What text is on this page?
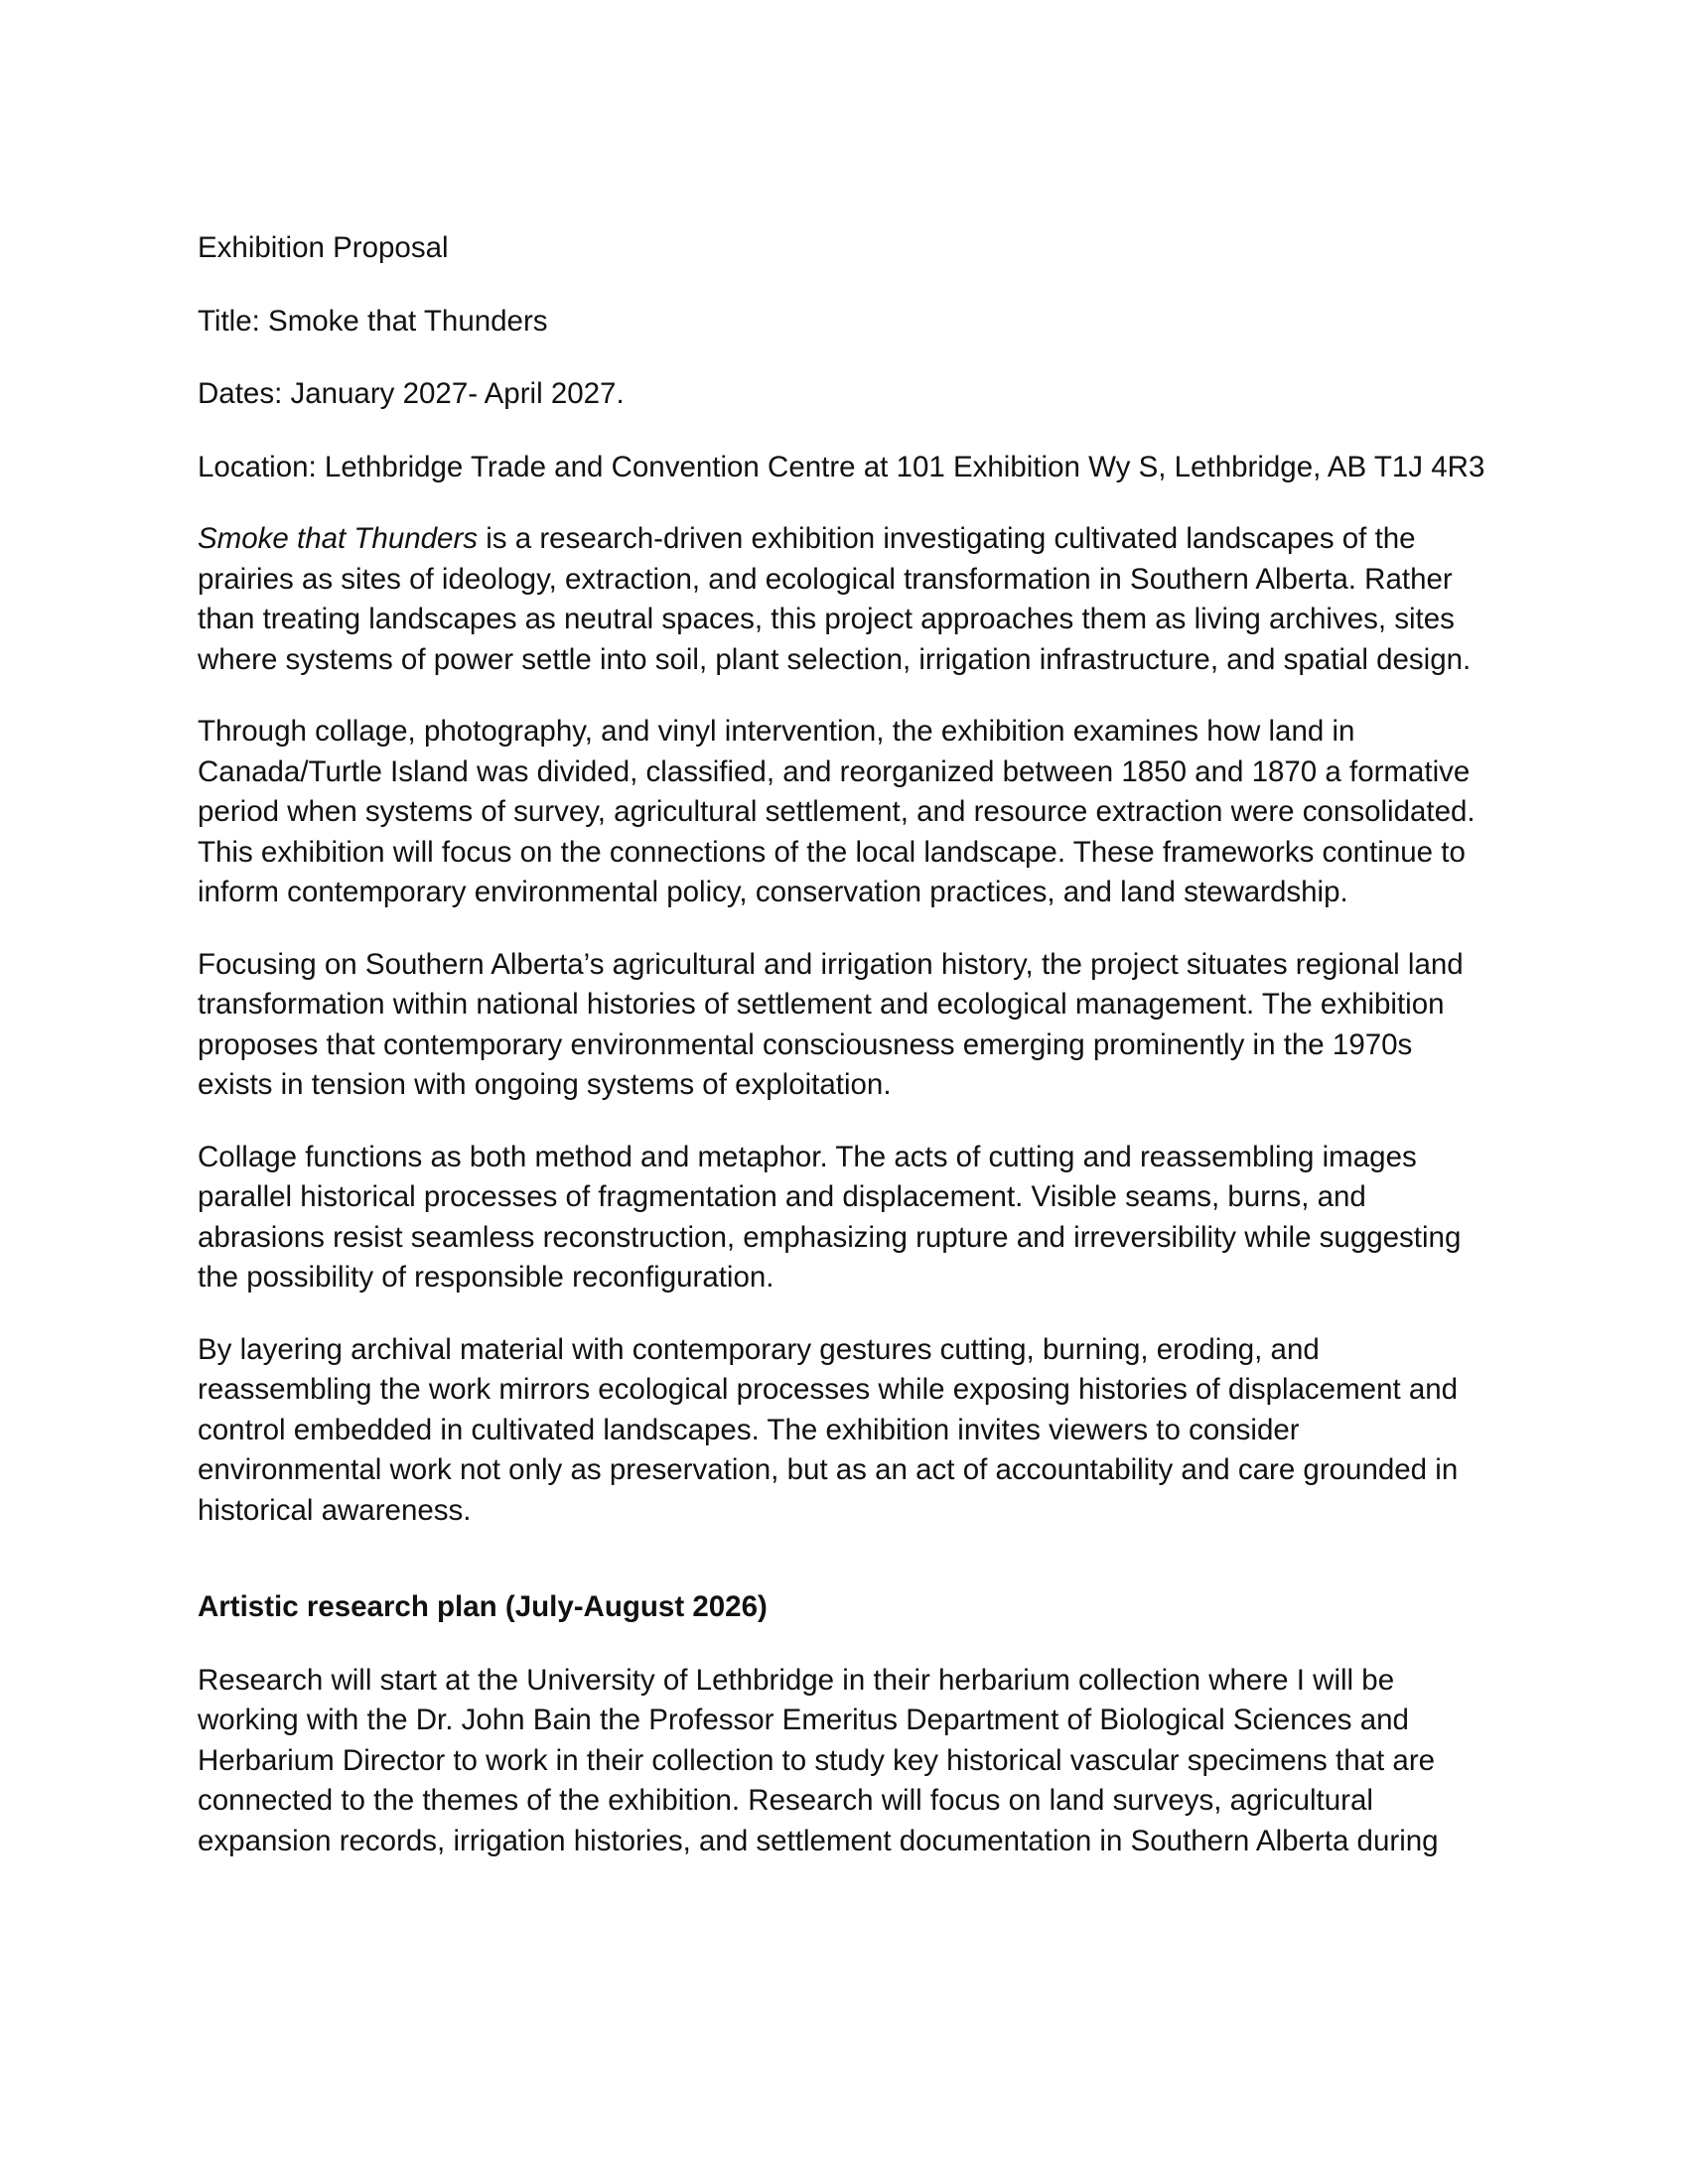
Exhibition Proposal

Title: Smoke that Thunders

Dates: January 2027- April 2027.

Location: Lethbridge Trade and Convention Centre at 101 Exhibition Wy S, Lethbridge, AB T1J 4R3

Smoke that Thunders is a research-driven exhibition investigating cultivated landscapes of the prairies as sites of ideology, extraction, and ecological transformation in Southern Alberta. Rather than treating landscapes as neutral spaces, this project approaches them as living archives, sites where systems of power settle into soil, plant selection, irrigation infrastructure, and spatial design.

Through collage, photography, and vinyl intervention, the exhibition examines how land in Canada/Turtle Island was divided, classified, and reorganized between 1850 and 1870 a formative period when systems of survey, agricultural settlement, and resource extraction were consolidated. This exhibition will focus on the connections of the local landscape. These frameworks continue to inform contemporary environmental policy, conservation practices, and land stewardship.

Focusing on Southern Alberta’s agricultural and irrigation history, the project situates regional land transformation within national histories of settlement and ecological management. The exhibition proposes that contemporary environmental consciousness emerging prominently in the 1970s exists in tension with ongoing systems of exploitation.

Collage functions as both method and metaphor. The acts of cutting and reassembling images parallel historical processes of fragmentation and displacement. Visible seams, burns, and abrasions resist seamless reconstruction, emphasizing rupture and irreversibility while suggesting the possibility of responsible reconfiguration.

By layering archival material with contemporary gestures cutting, burning, eroding, and reassembling the work mirrors ecological processes while exposing histories of displacement and control embedded in cultivated landscapes. The exhibition invites viewers to consider environmental work not only as preservation, but as an act of accountability and care grounded in historical awareness.

Artistic research plan (July-August 2026)

Research will start at the University of Lethbridge in their herbarium collection where I will be working with the Dr. John Bain the Professor Emeritus Department of Biological Sciences and Herbarium Director to work in their collection to study key historical vascular specimens that are connected to the themes of the exhibition. Research will focus on land surveys, agricultural expansion records, irrigation histories, and settlement documentation in Southern Alberta during
